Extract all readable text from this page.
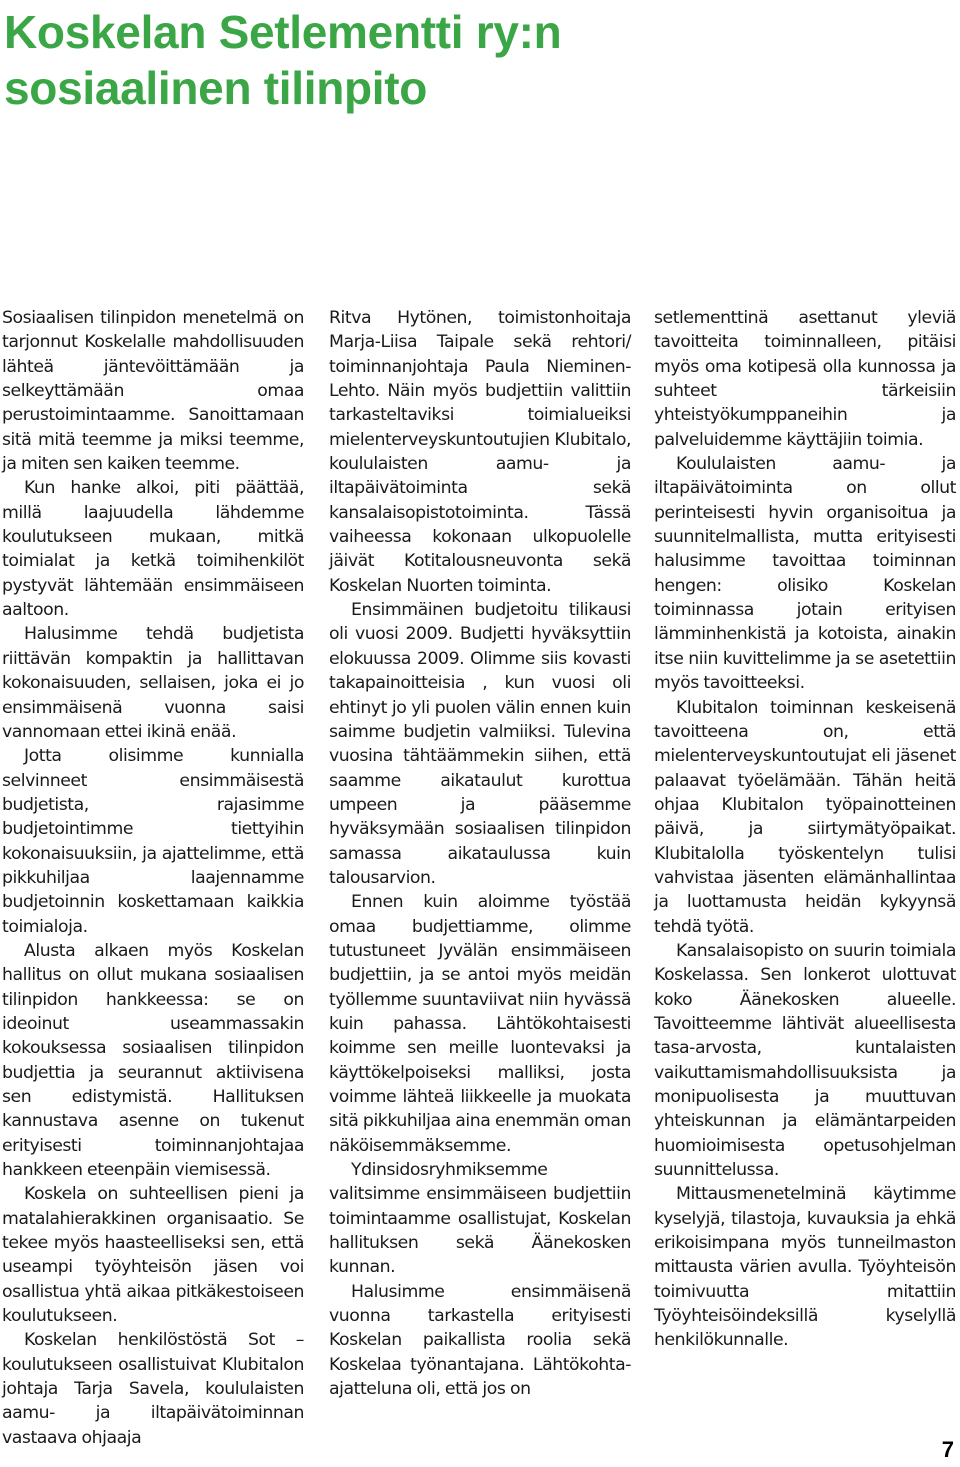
Koskelan Setlementti ry:n
sosiaalinen tilinpito

Sosiaalisen tilinpidon menetelmä on tarjonnut Koskelalle mahdollisuuden lähteä jäntevöittämään ja selkeyttämään omaa perustoimintaamme. Sanoittamaan sitä mitä teemme ja miksi teemme, ja miten sen kaiken teemme.

Kun hanke alkoi, piti päättää, millä laajuudella lähdemme koulutukseen mukaan, mitkä toimialat ja ketkä toimihenkilöt pystyvät lähtemään ensimmäiseen aaltoon.

Halusimme tehdä budjetista riittävän kompaktin ja hallittavan kokonaisuuden, sellaisen, joka ei jo ensimmäisenä vuonna saisi vannomaan ettei ikinä enää.

Jotta olisimme kunnialla selvinneet ensimmäisestä budjetista, rajasimme budjetointimme tiettyihin kokonaisuuksiin, ja ajattelimme, että pikkuhiljaa laajennamme budjetoinnin koskettamaan kaikkia toimialoja.

Alusta alkaen myös Koskelan hallitus on ollut mukana sosiaalisen tilinpidon hankkeessa: se on ideoinut useammassakin kokouksessa sosiaalisen tilinpidon budjettia ja seurannut aktiivisena sen edistymistä. Hallituksen kannustava asenne on tukenut erityisesti toiminnanjohtajaa hankkeen eteenpäin viemisessä.

Koskela on suhteellisen pieni ja matalahierakkinen organisaatio. Se tekee myös haasteelliseksi sen, että useampi työyhteisön jäsen voi osallistua yhtä aikaa pitkäkestoiseen koulutukseen.

Koskelan henkilöstöstä Sot –koulutukseen osallistuivat Klubitalon johtaja Tarja Savela, koululaisten aamu- ja iltapäivätoiminnan vastaava ohjaaja

Ritva Hytönen, toimistonhoitaja Marja-Liisa Taipale sekä rehtori/ toiminnanjohtaja Paula Nieminen-Lehto. Näin myös budjettiin valittiin tarkasteltaviksi toimialueiksi mielenterveyskuntoutujien Klubitalo, koululaisten aamu- ja iltapäivätoiminta sekä kansalaisopistotoiminta. Tässä vaiheessa kokonaan ulkopuolelle jäivät Kotitalousneuvonta sekä Koskelan Nuorten toiminta.

Ensimmäinen budjetoitu tilikausi oli vuosi 2009. Budjetti hyväksyttiin elokuussa 2009. Olimme siis kovasti takapainoitteisia , kun vuosi oli ehtinyt jo yli puolen välin ennen kuin saimme budjetin valmiiksi. Tulevina vuosina tähtäämmekin siihen, että saamme aikataulut kurottua umpeen ja pääsemme hyväksymään sosiaalisen tilinpidon samassa aikataulussa kuin talousarvion.

Ennen kuin aloimme työstää omaa budjettiamme, olimme tutustuneet Jyvälän ensimmäiseen budjettiin, ja se antoi myös meidän työllemme suuntaviivat niin hyvässä kuin pahassa. Lähtökohtaisesti koimme sen meille luontevaksi ja käyttökelpoiseksi malliksi, josta voimme lähteä liikkeelle ja muokata sitä pikkuhiljaa aina enemmän oman näköisemmäksemme.

Ydinsidosryhmiksemme valitsimme ensimmäiseen budjettiin toimintaamme osallistujat, Koskelan hallituksen sekä Äänekosken kunnan.

Halusimme ensimmäisenä vuonna tarkastella erityisesti Koskelan paikallista roolia sekä Koskelaa työnantajana. Lähtökohta-ajatteluna oli, että jos on

setlementtinä asettanut yleviä tavoitteita toiminnalleen, pitäisi myös oma kotipesä olla kunnossa ja suhteet tärkeisiin yhteistyökumppaneihin ja palveluidemme käyttäjiin toimia.

Koululaisten aamu- ja iltapäivätoiminta on ollut perinteisesti hyvin organisoitua ja suunnitelmallista, mutta erityisesti halusimme tavoittaa toiminnan hengen: olisiko Koskelan toiminnassa jotain erityisen lämminhenkistä ja kotoista, ainakin itse niin kuvittelimme ja se asetettiin myös tavoitteeksi.

Klubitalon toiminnan keskeisenä tavoitteena on, että mielenterveyskuntoutujat eli jäsenet palaavat työelämään. Tähän heitä ohjaa Klubitalon työpainotteinen päivä, ja siirtymätyöpaikat. Klubitalolla työskentelyn tulisi vahvistaa jäsenten elämänhallintaa ja luottamusta heidän kykyynsä tehdä työtä.

Kansalaisopisto on suurin toimiala Koskelassa. Sen lonkerot ulottuvat koko Äänekosken alueelle. Tavoitteemme lähtivät alueellisesta tasa-arvosta, kuntalaisten vaikuttamismahdollisuuksista ja monipuolisesta ja muuttuvan yhteiskunnan ja elämäntarpeiden huomioimisesta opetusohjelman suunnittelussa.

Mittausmenetelminä käytimme kyselyjä, tilastoja, kuvauksia ja ehkä erikoisimpana myös tunneilmaston mittausta värien avulla. Työyhteisön toimivuutta mitattiin Työyhteisöindeksillä kyselyllä henkilökunnalle.

7
